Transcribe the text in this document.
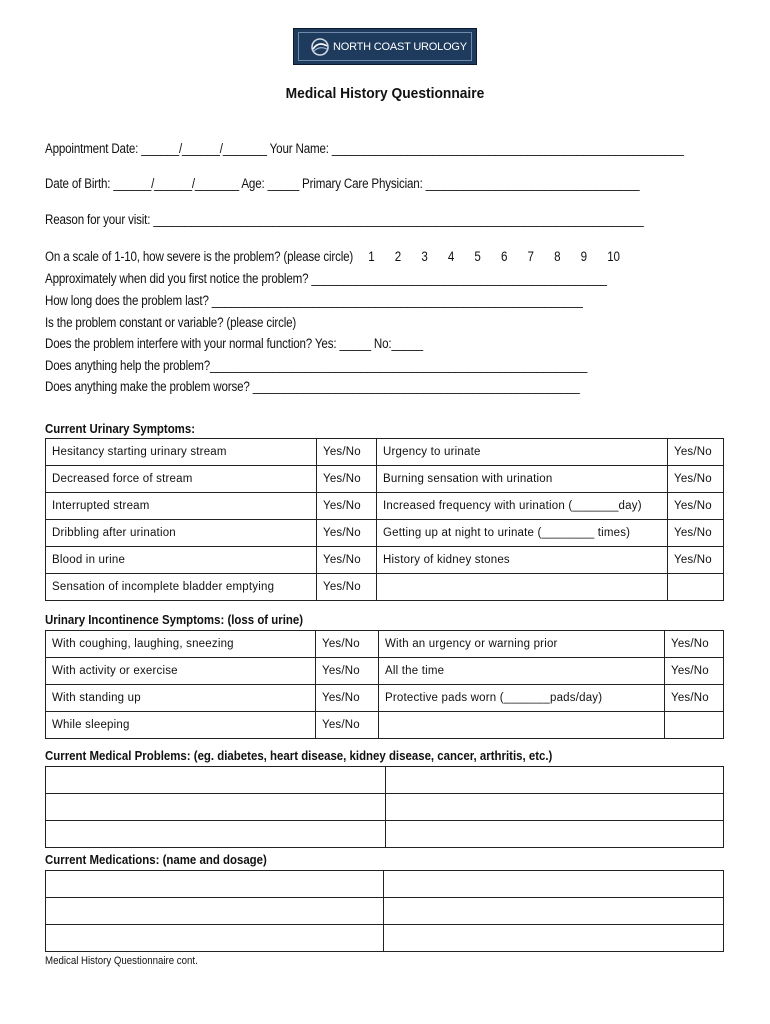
NORTH COAST UROLOGY
Medical History Questionnaire
Appointment Date: ______/______/_______ Your Name: ________________________________________________________
Date of Birth: ______/______/_______ Age: _____ Primary Care Physician: __________________________________
Reason for your visit: ______________________________________________________________________________
On a scale of 1-10, how severe is the problem? (please circle) 1 2 3 4 5 6 7 8 9 10
Approximately when did you first notice the problem? _______________________________________________
How long does the problem last? ___________________________________________________________
Is the problem constant or variable? (please circle)
Does the problem interfere with your normal function? Yes: _____ No:_____
Does anything help the problem?____________________________________________________________
Does anything make the problem worse? ____________________________________________________
Current Urinary Symptoms:
Hesitancy starting urinary stream	Yes/No	Urgency to urinate	Yes/No
Decreased force of stream	Yes/No	Burning sensation with urination	Yes/No
Interrupted stream	Yes/No	Increased frequency with urination (_______day)	Yes/No
Dribbling after urination	Yes/No	Getting up at night to urinate (________ times)	Yes/No
Blood in urine	Yes/No	History of kidney stones	Yes/No
Sensation of incomplete bladder emptying	Yes/No		
Urinary Incontinence Symptoms: (loss of urine)
With coughing, laughing, sneezing	Yes/No	With an urgency or warning prior	Yes/No
With activity or exercise	Yes/No	All the time	Yes/No
With standing up	Yes/No	Protective pads worn (_______pads/day)	Yes/No
While sleeping	Yes/No		
Current Medical Problems: (eg. diabetes, heart disease, kidney disease, cancer, arthritis, etc.)

Current Medications: (name and dosage)

Medical History Questionnaire cont.
